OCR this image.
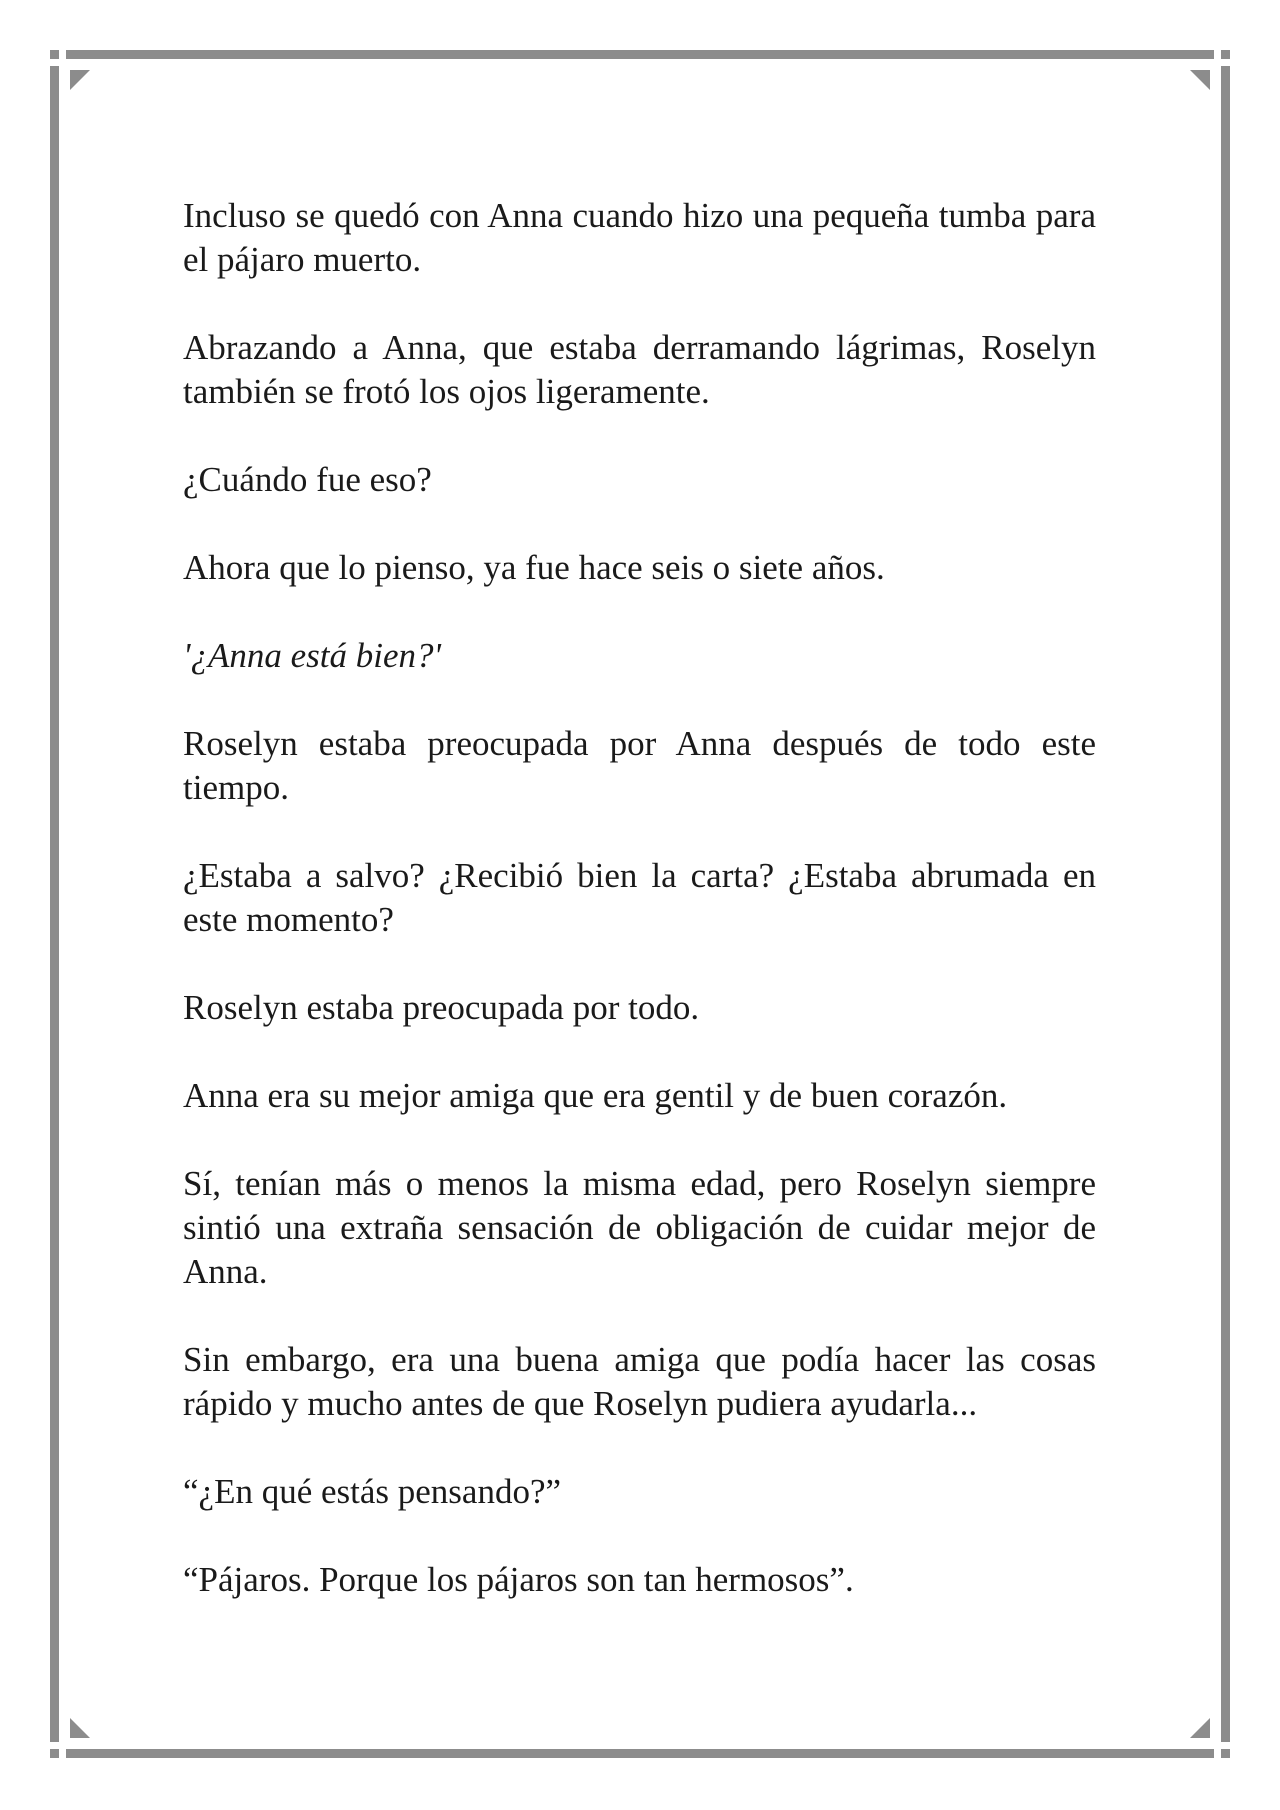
Incluso se quedó con Anna cuando hizo una pequeña tumba para el pájaro muerto.

Abrazando a Anna, que estaba derramando lágrimas, Roselyn también se frotó los ojos ligeramente.

¿Cuándo fue eso?

Ahora que lo pienso, ya fue hace seis o siete años.

'¿Anna está bien?'

Roselyn estaba preocupada por Anna después de todo este tiempo.

¿Estaba a salvo? ¿Recibió bien la carta? ¿Estaba abrumada en este momento?

Roselyn estaba preocupada por todo.

Anna era su mejor amiga que era gentil y de buen corazón.

Sí, tenían más o menos la misma edad, pero Roselyn siempre sintió una extraña sensación de obligación de cuidar mejor de Anna.

Sin embargo, era una buena amiga que podía hacer las cosas rápido y mucho antes de que Roselyn pudiera ayudarla...

“¿En qué estás pensando?”

“Pájaros. Porque los pájaros son tan hermosos”.
